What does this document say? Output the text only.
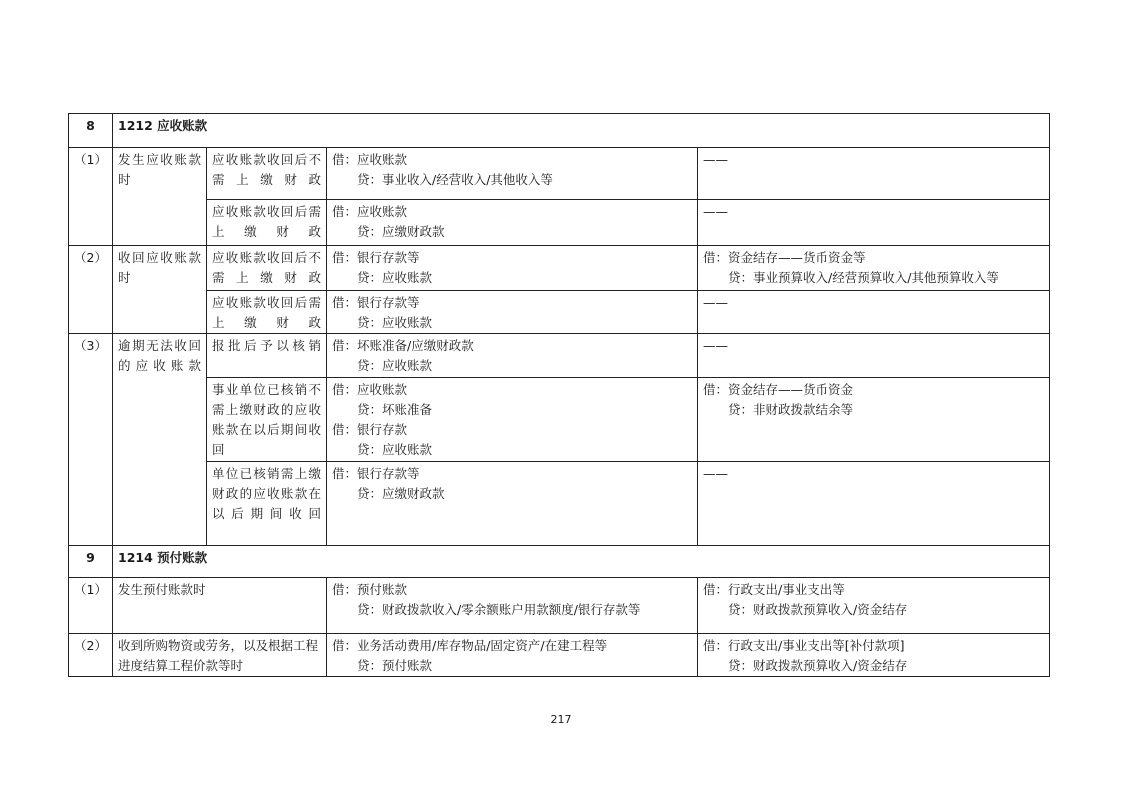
8	1212 应收账款			
（1）	发生应收账款时	应收账款收回后不需上缴财政	借：应收账款
　　贷：事业收入/经营收入/其他收入等	——
		应收账款收回后需上缴财政	借：应收账款
　　贷：应缴财政款	——
（2）	收回应收账款时	应收账款收回后不需上缴财政	借：银行存款等
　　贷：应收账款	借：资金结存——货币资金等
　　贷：事业预算收入/经营预算收入/其他预算收入等
		应收账款收回后需上缴财政	借：银行存款等
　　贷：应收账款	——
（3）	逾期无法收回的应收账款	报批后予以核销	借：坏账准备/应缴财政款
　　贷：应收账款	——
		事业单位已核销不需上缴财政的应收账款在以后期间收回	借：应收账款
　　贷：坏账准备
借：银行存款
　　贷：应收账款	借：资金结存——货币资金
　　贷：非财政拨款结余等
		单位已核销需上缴财政的应收账款在以后期间收回	借：银行存款等
　　贷：应缴财政款	——
9	1214 预付账款			
（1）	发生预付账款时		借：预付账款
　　贷：财政拨款收入/零余额账户用款额度/银行存款等	借：行政支出/事业支出等
　　贷：财政拨款预算收入/资金结存
（2）	收到所购物资或劳务，以及根据工程进度结算工程价款等时		借：业务活动费用/库存物品/固定资产/在建工程等
　　贷：预付账款	借：行政支出/事业支出等[补付款项]
　　贷：财政拨款预算收入/资金结存
217
